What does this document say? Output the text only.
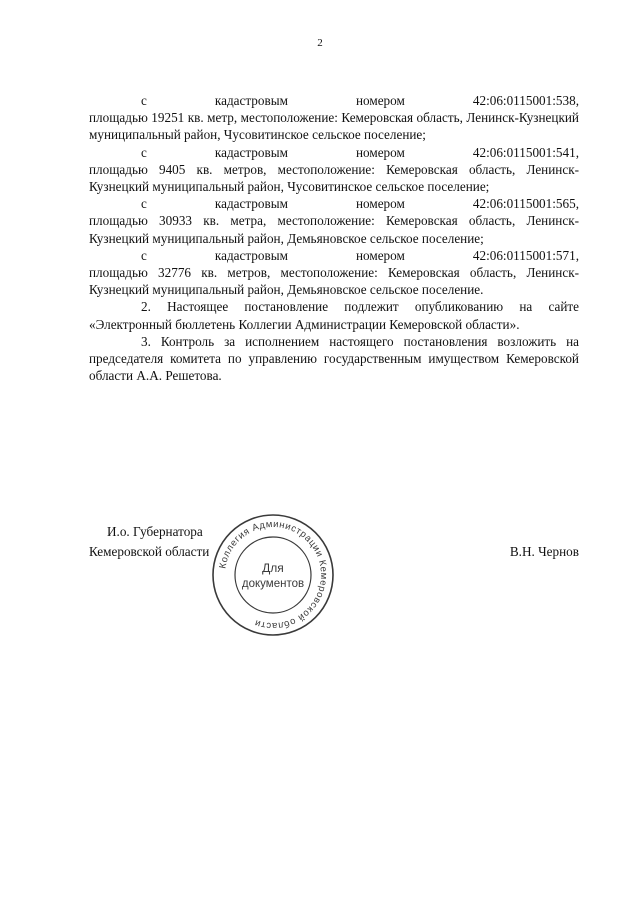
2
с	кадастровым	номером	42:06:0115001:538,

площадью 19251 кв. метр, местоположение: Кемеровская область, Ленинск-Кузнецкий муниципальный район, Чусовитинское сельское поселение;

с	кадастровым	номером	42:06:0115001:541,

площадью 9405 кв. метров, местоположение: Кемеровская область, Ленинск-Кузнецкий муниципальный район, Чусовитинское сельское поселение;

с	кадастровым	номером	42:06:0115001:565,

площадью 30933 кв. метра, местоположение: Кемеровская область, Ленинск-Кузнецкий муниципальный район, Демьяновское сельское поселение;

с	кадастровым	номером	42:06:0115001:571,

площадью 32776 кв. метров, местоположение: Кемеровская область, Ленинск-Кузнецкий муниципальный район, Демьяновское сельское поселение.

2. Настоящее постановление подлежит опубликованию на сайте «Электронный бюллетень Коллегии Администрации Кемеровской области».

3. Контроль за исполнением настоящего постановления возложить на председателя комитета по управлению государственным имуществом Кемеровской области А.А. Решетова.

И.о. Губернатора
Кемеровской области	В.Н. Чернов
Коллегия Администрации Кемеровской области
Для
документов
